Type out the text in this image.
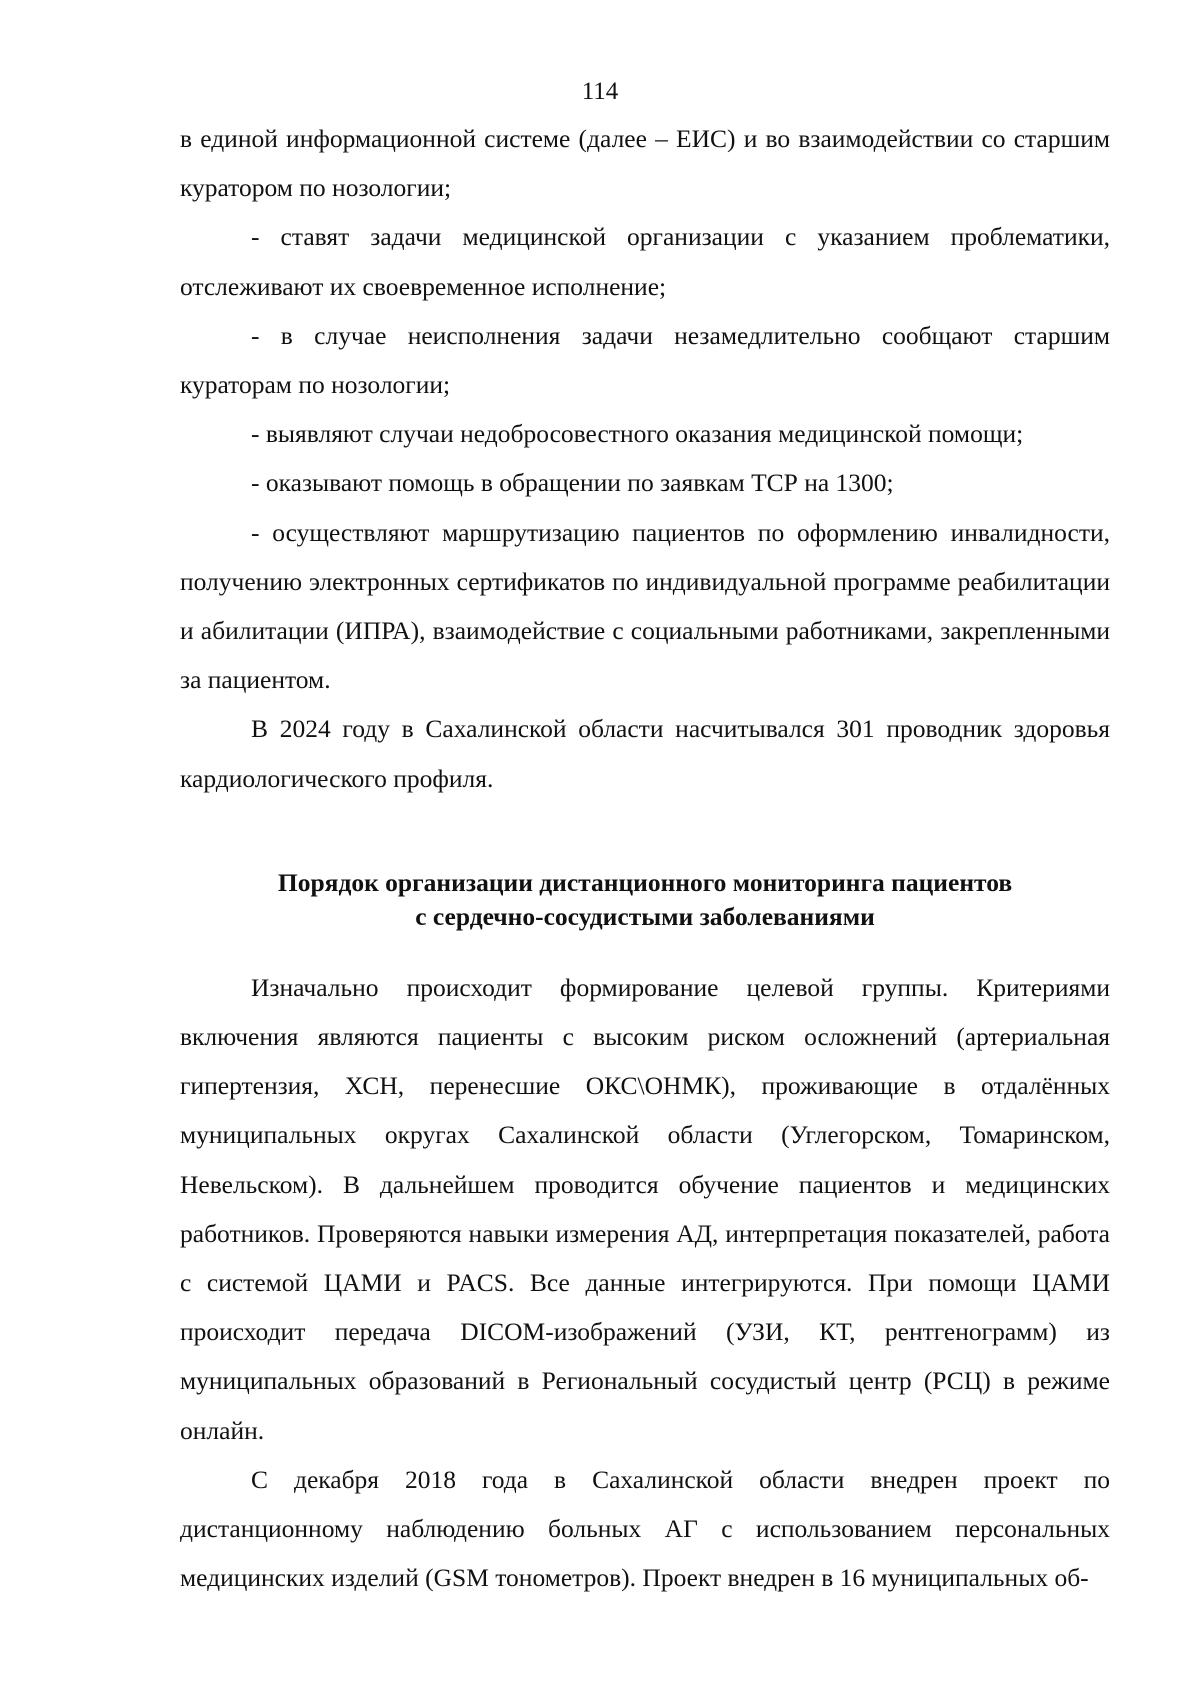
114

в единой информационной системе (далее – ЕИС) и во взаимодействии со старшим куратором по нозологии;

- ставят задачи медицинской организации с указанием проблематики, отслеживают их своевременное исполнение;

- в случае неисполнения задачи незамедлительно сообщают старшим кураторам по нозологии;

- выявляют случаи недобросовестного оказания медицинской помощи;

- оказывают помощь в обращении по заявкам ТСР на 1300;

- осуществляют маршрутизацию пациентов по оформлению инвалидности, получению электронных сертификатов по индивидуальной программе реабилитации и абилитации (ИПРА), взаимодействие с социальными работниками, закрепленными за пациентом.

В 2024 году в Сахалинской области насчитывался 301 проводник здоровья кардиологического профиля.

Порядок организации дистанционного мониторинга пациентов
с сердечно-сосудистыми заболеваниями

Изначально происходит формирование целевой группы. Критериями включения являются пациенты с высоким риском осложнений (артериальная гипертензия, ХСН, перенесшие ОКС\ОНМК), проживающие в отдалённых муниципальных округах Сахалинской области (Углегорском, Томаринском, Невельском). В дальнейшем проводится обучение пациентов и медицинских работников. Проверяются навыки измерения АД, интерпретация показателей, работа с системой ЦАМИ и PACS. Все данные интегрируются. При помощи ЦАМИ происходит передача DICOM-изображений (УЗИ, КТ, рентгенограмм) из муниципальных образований в Региональный сосудистый центр (РСЦ) в режиме онлайн.

С декабря 2018 года в Сахалинской области внедрен проект по дистанционному наблюдению больных АГ с использованием персональных медицинских изделий (GSM тонометров). Проект внедрен в 16 муниципальных об-
